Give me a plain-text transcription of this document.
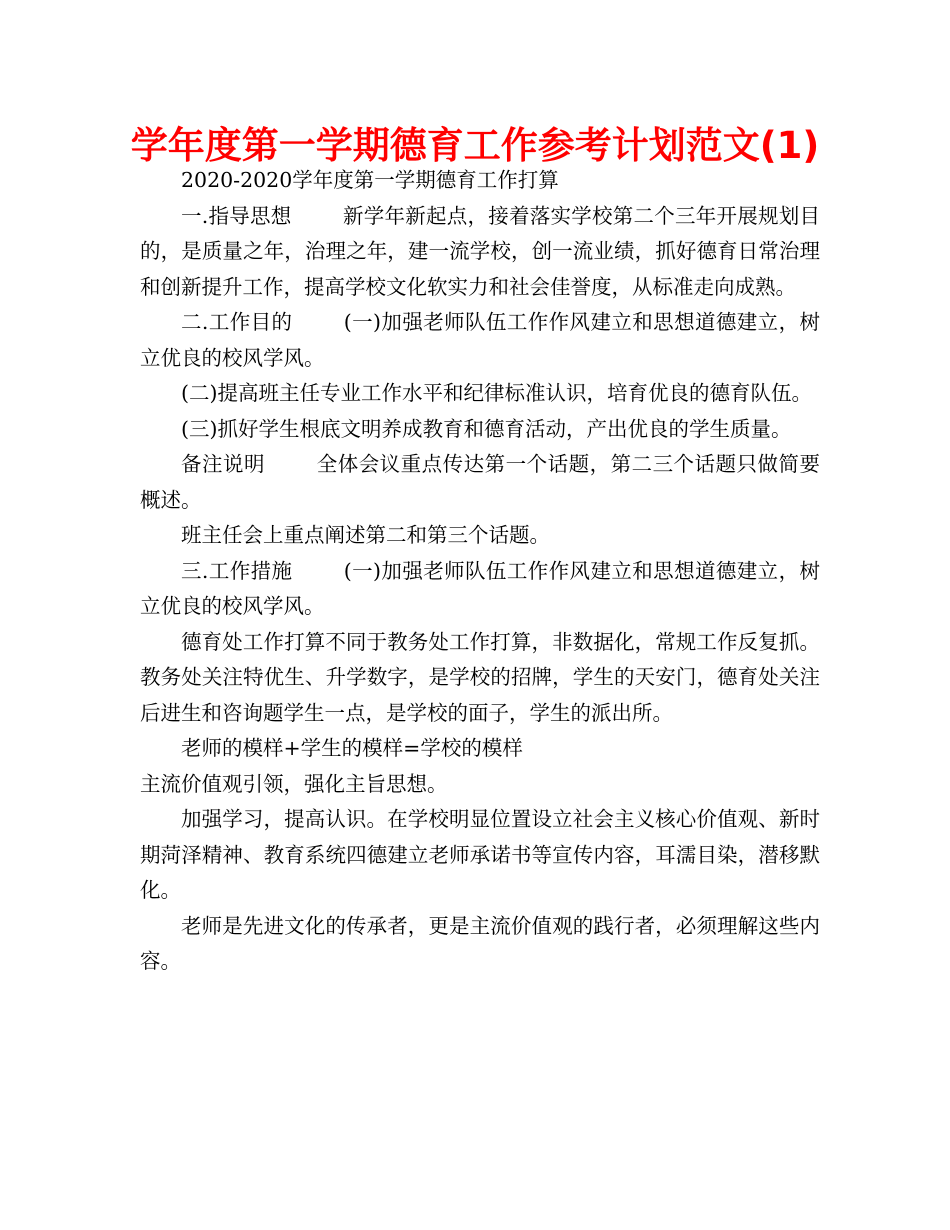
学年度第一学期德育工作参考计划范文(1)

2020-2020学年度第一学期德育工作打算

一.指导思想	新学年新起点，接着落实学校第二个三年开展规划目的，是质量之年，治理之年，建一流学校，创一流业绩，抓好德育日常治理和创新提升工作，提高学校文化软实力和社会佳誉度，从标准走向成熟。

二.工作目的	(一)加强老师队伍工作作风建立和思想道德建立，树立优良的校风学风。

(二)提高班主任专业工作水平和纪律标准认识，培育优良的德育队伍。

(三)抓好学生根底文明养成教育和德育活动，产出优良的学生质量。

备注说明	全体会议重点传达第一个话题，第二三个话题只做简要概述。

班主任会上重点阐述第二和第三个话题。

三.工作措施	(一)加强老师队伍工作作风建立和思想道德建立，树立优良的校风学风。

德育处工作打算不同于教务处工作打算，非数据化，常规工作反复抓。教务处关注特优生、升学数字，是学校的招牌，学生的天安门，德育处关注后进生和咨询题学生一点，是学校的面子，学生的派出所。

老师的模样+学生的模样=学校的模样

主流价值观引领，强化主旨思想。

加强学习，提高认识。在学校明显位置设立社会主义核心价值观、新时期菏泽精神、教育系统四德建立老师承诺书等宣传内容，耳濡目染，潜移默化。

老师是先进文化的传承者，更是主流价值观的践行者，必须理解这些内容。
